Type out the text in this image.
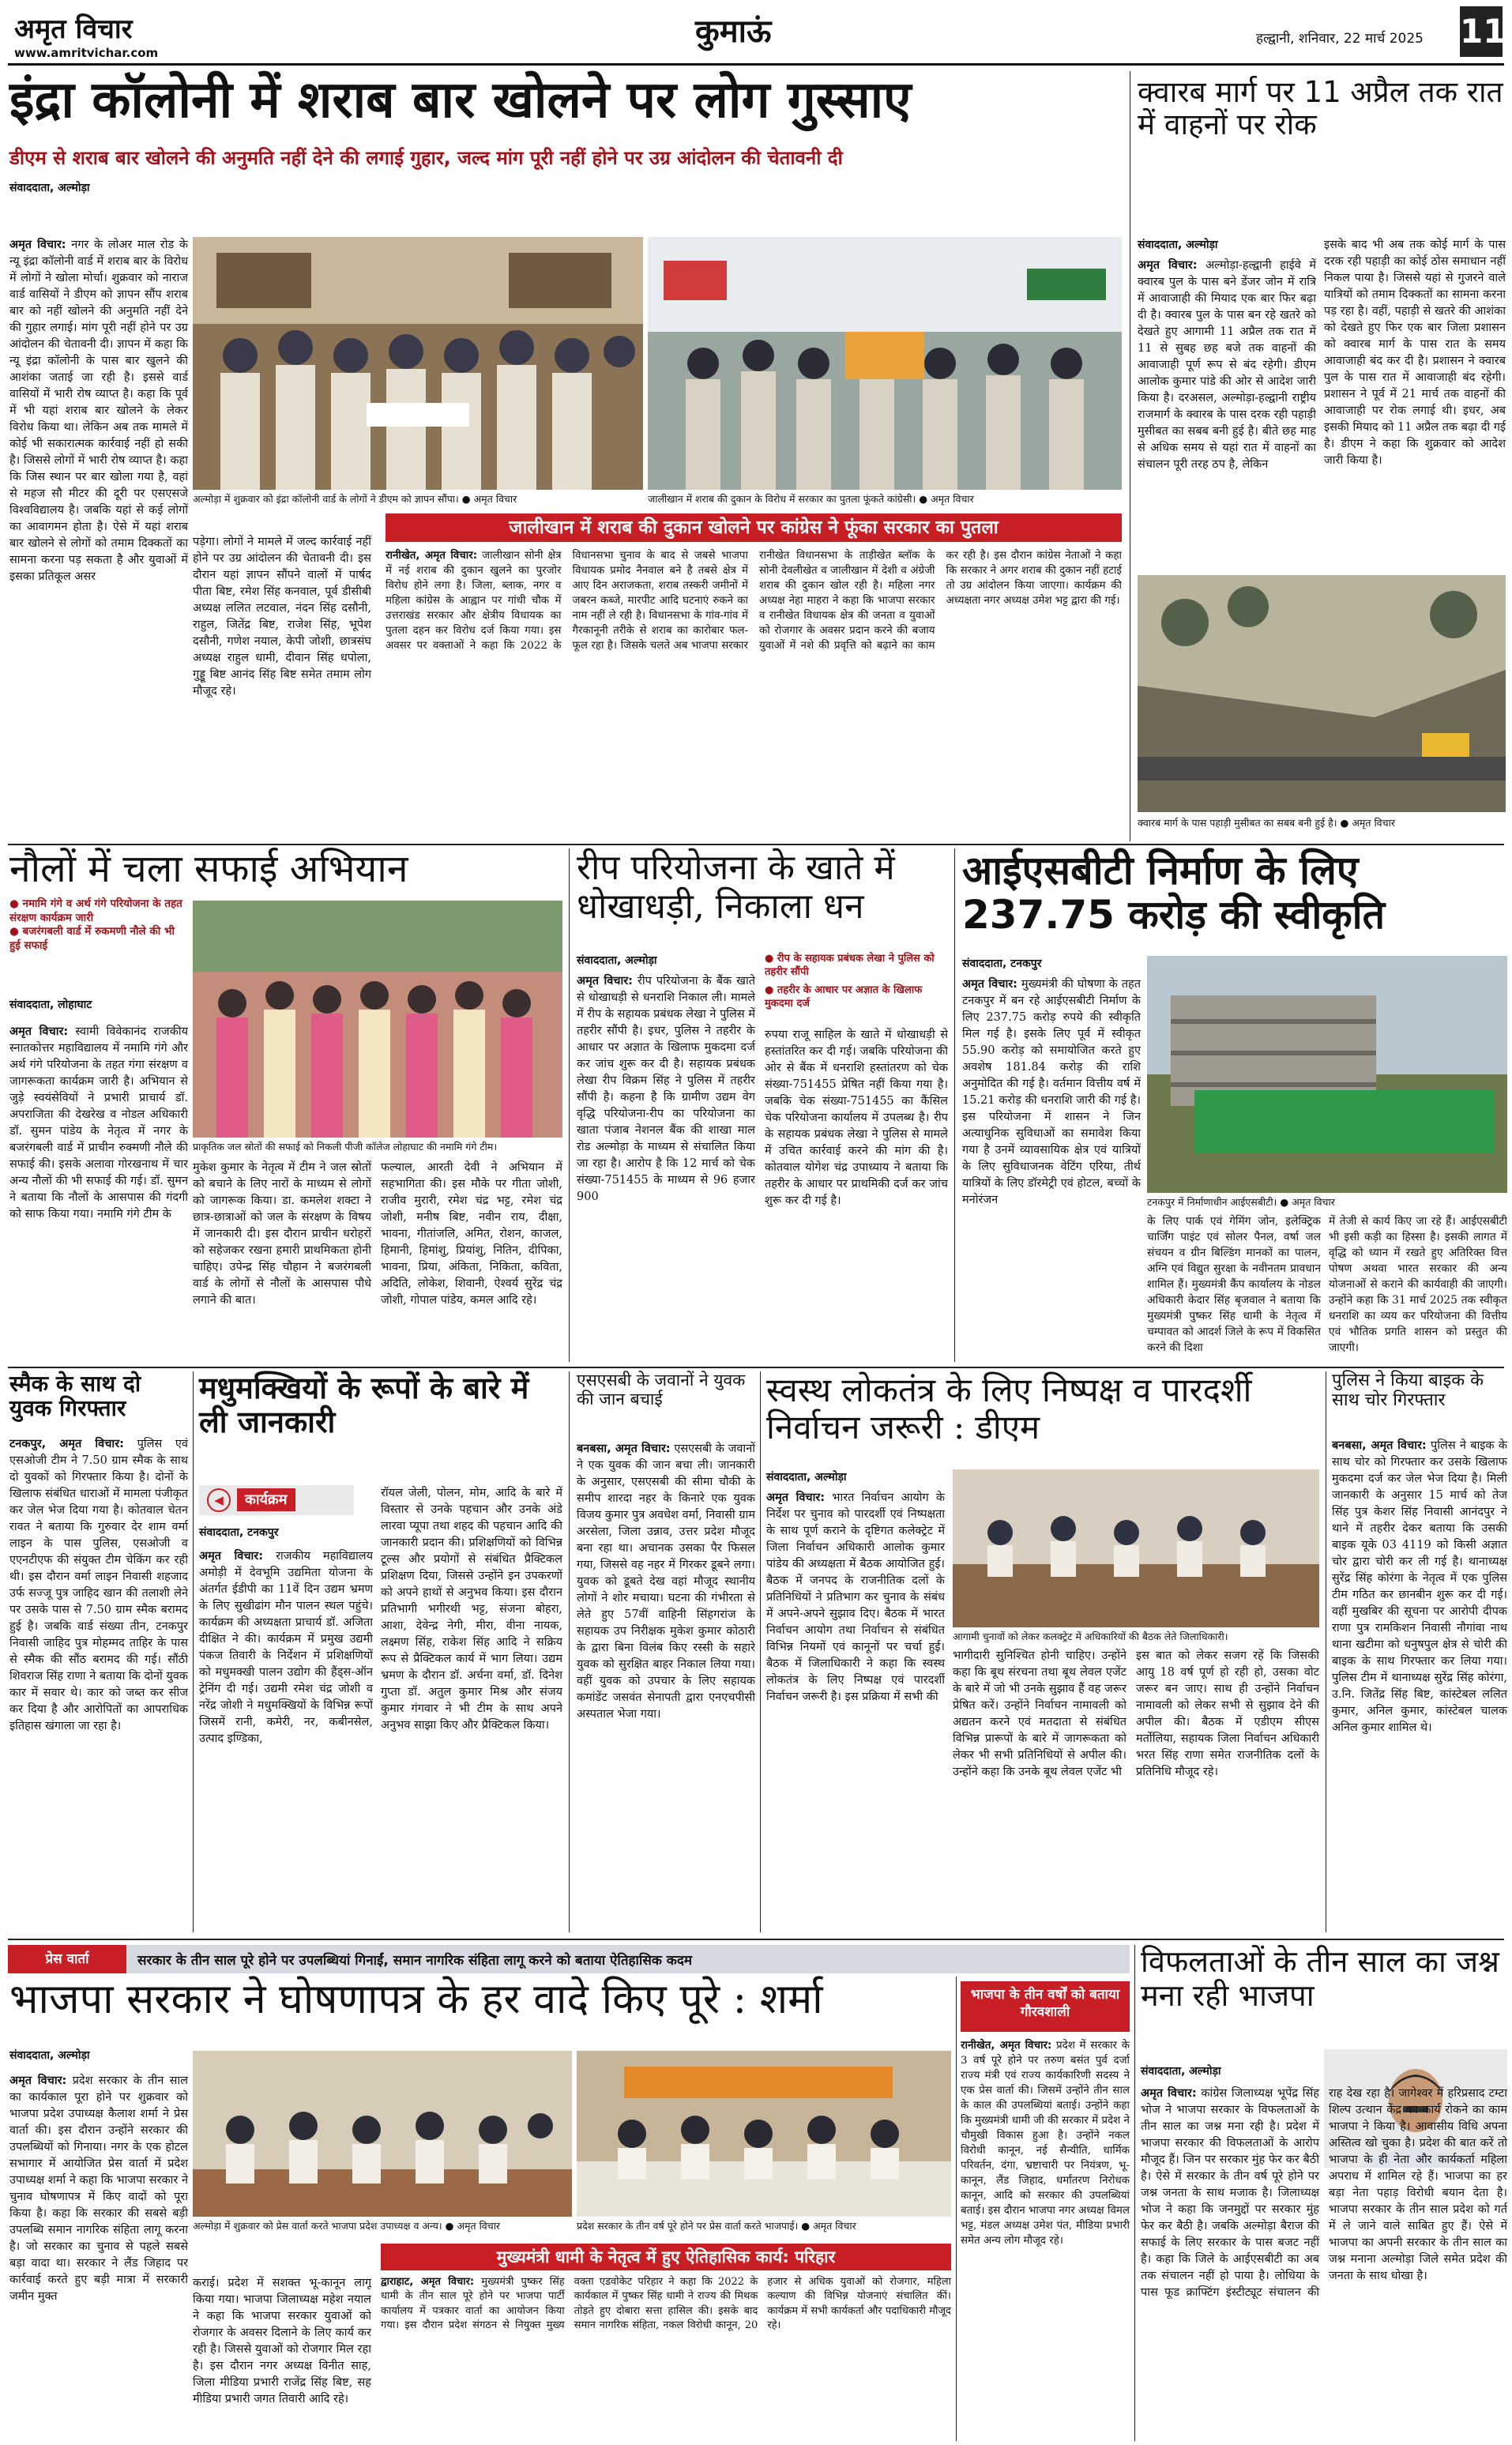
अमृत विचार
www.amritvichar.com
कुमाऊं	हल्द्वानी, शनिवार, 22 मार्च 2025 11
इंद्रा कॉलोनी में शराब बार खोलने पर लोग गुस्साए
डीएम से शराब बार खोलने की अनुमति नहीं देने की लगाई गुहार, जल्द मांग पूरी नहीं होने पर उग्र आंदोलन की चेतावनी दी
संवाददाता, अल्मोड़ा
अमृत विचार: नगर के लोअर माल रोड के न्यू इंद्रा कॉलोनी वार्ड में शराब बार के विरोध में लोगों ने खोला मोर्चा। शुक्रवार को नाराज वार्ड वासियों ने डीएम को ज्ञापन सौंप शराब बार को नहीं खोलने की अनुमति नहीं देने की गुहार लगाई। मांग पूरी नहीं होने पर उग्र आंदोलन की चेतावनी दी। ज्ञापन में कहा कि न्यू इंद्रा कॉलोनी के पास बार खुलने की आशंका जताई जा रही है। इससे वार्ड वासियों में भारी रोष व्याप्त है। कहा कि पूर्व में भी यहां शराब बार खोलने के लेकर विरोध किया था। लेकिन अब तक मामले में कोई भी सकारात्मक कार्रवाई नहीं हो सकी है। जिससे लोगों में भारी रोष व्याप्त है। कहा कि जिस स्थान पर बार खोला गया है, वहां से महज सौ मीटर की दूरी पर एसएसजे विश्वविद्यालय है। जबकि यहां से कई लोगों का आवागमन होता है। ऐसे में यहां शराब बार खोलने से लोगों को तमाम दिक्कतों का सामना करना पड़ सकता है और युवाओं में इसका प्रतिकूल असर
अल्मोड़ा में शुक्रवार को इंद्रा कॉलोनी वार्ड के लोगों ने डीएम को ज्ञापन सौंपा। ● अमृत विचार	जालीखान में शराब की दुकान के विरोध में सरकार का पुतला फूंकते कांग्रेसी। ● अमृत विचार
पड़ेगा। लोगों ने मामले में जल्द कार्रवाई नहीं होने पर उग्र आंदोलन की चेतावनी दी। इस दौरान यहां ज्ञापन सौंपने वालों में पार्षद पीता बिष्ट, रमेश सिंह कनवाल, पूर्व डीसीबी अध्यक्ष ललित लटवाल, नंदन सिंह दसौनी, राहुल, जितेंद्र बिष्ट, राजेश सिंह, भूपेश दसौनी, गणेश नयाल, केपी जोशी, छात्रसंघ अध्यक्ष राहुल धामी, दीवान सिंह धपोला, गुड्डू बिष्ट आनंद सिंह बिष्ट समेत तमाम लोग मौजूद रहे।
जालीखान में शराब की दुकान खोलने पर कांग्रेस ने फूंका सरकार का पुतला
रानीखेत, अमृत विचार: जालीखान सोनी क्षेत्र में नई शराब की दुकान खुलने का पुरजोर विरोध होने लगा है। जिला, ब्लाक, नगर व महिला कांग्रेस के आह्वान पर गांधी चौक में उत्तराखंड सरकार और क्षेत्रीय विधायक का पुतला दहन कर विरोध दर्ज किया गया। इस अवसर पर वक्ताओं ने कहा कि 2022 के विधानसभा चुनाव के बाद से जबसे भाजपा विधायक प्रमोद नैनवाल बने है तबसे क्षेत्र में आए दिन अराजकता, शराब तस्करी जमीनों में जबरन कब्जे, मारपीट आदि घटनाएं रुकने का नाम नहीं ले रही है। विधानसभा के गांव-गांव में गैरकानूनी तरीके से शराब का कारोबार फल-फूल रहा है। जिसके चलते अब भाजपा सरकार रानीखेत विधानसभा के ताड़ीखेत ब्लॉक के सोनी देवलीखेत व जालीखान में देशी व अंग्रेजी शराब की दुकान खोल रही है। महिला नगर अध्यक्ष नेहा माहरा ने कहा कि भाजपा सरकार व रानीखेत विधायक क्षेत्र की जनता व युवाओं को रोजगार के अवसर प्रदान करने की बजाय युवाओं में नशे की प्रवृत्ति को बढ़ाने का काम कर रही है। इस दौरान कांग्रेस नेताओं ने कहा कि सरकार ने अगर शराब की दुकान नहीं हटाई तो उग्र आंदोलन किया जाएगा। कार्यक्रम की अध्यक्षता नगर अध्यक्ष उमेश भट्ट द्वारा की गई।
क्वारब मार्ग पर 11 अप्रैल तक रात में वाहनों पर रोक
संवाददाता, अल्मोड़ा
अमृत विचार: अल्मोड़ा-हल्द्वानी हाईवे में क्वारब पुल के पास बने डेंजर जोन में रात्रि में आवाजाही की मियाद एक बार फिर बढ़ा दी है। क्वारब पुल के पास बन रहे खतरे को देखते हुए आगामी 11 अप्रैल तक रात में 11 से सुबह छह बजे तक वाहनों की आवाजाही पूर्ण रूप से बंद रहेगी। डीएम आलोक कुमार पांडे की ओर से आदेश जारी किया है। दरअसल, अल्मोड़ा-हल्द्वानी राष्ट्रीय राजमार्ग के क्वारब के पास दरक रही पहाड़ी मुसीबत का सबब बनी हुई है। बीते छह माह से अधिक समय से यहां रात में वाहनों का संचालन पूरी तरह ठप है, लेकिन
इसके बाद भी अब तक कोई मार्ग के पास दरक रही पहाड़ी का कोई ठोस समाधान नहीं निकल पाया है। जिससे यहां से गुजरने वाले यात्रियों को तमाम दिक्कतों का सामना करना पड़ रहा है। वहीं, पहाड़ी से खतरे की आशंका को देखते हुए फिर एक बार जिला प्रशासन को क्वारब मार्ग के पास रात के समय आवाजाही बंद कर दी है। प्रशासन ने क्वारब पुल के पास रात में आवाजाही बंद रहेगी। प्रशासन ने पूर्व में 21 मार्च तक वाहनों की आवाजाही पर रोक लगाई थी। इधर, अब इसकी मियाद को 11 अप्रैल तक बढ़ा दी गई है। डीएम ने कहा कि शुक्रवार को आदेश जारी किया है।
क्वारब मार्ग के पास पहाड़ी मुसीबत का सबब बनी हुई है। ● अमृत विचार
नौलों में चला सफाई अभियान
● नमामि गंगे व अर्थ गंगे परियोजना के तहत संरक्षण कार्यक्रम जारी
● बजरंगबली वार्ड में रुकमणी नौले की भी हुई सफाई
संवाददाता, लोहाघाट
अमृत विचार: स्वामी विवेकानंद राजकीय स्नातकोत्तर महाविद्यालय में नमामि गंगे और अर्थ गंगे परियोजना के तहत गंगा संरक्षण व जागरूकता कार्यक्रम जारी है। अभियान से जुड़े स्वयंसेवियों ने प्रभारी प्राचार्य डॉ. अपराजिता की देखरेख व नोडल अधिकारी डॉ. सुमन पांडेय के नेतृत्व में नगर के बजरंगबली वार्ड में प्राचीन रुक्मणी नौले की सफाई की। इसके अलावा गोरखनाथ में चार अन्य नौलों की भी सफाई की गई। डॉ. सुमन ने बताया कि नौलों के आसपास की गंदगी को साफ किया गया। नमामि गंगे टीम के
प्राकृतिक जल स्रोतों की सफाई को निकली पीजी कॉलेज लोहाघाट की नमामि गंगे टीम।
मुकेश कुमार के नेतृत्व में टीम ने जल स्रोतों को बचाने के लिए नारों के माध्यम से लोगों को जागरूक किया। डा. कमलेश शक्टा ने छात्र-छात्राओं को जल के संरक्षण के विषय में जानकारी दी। इस दौरान प्राचीन धरोहरों को सहेजकर रखना हमारी प्राथमिकता होनी चाहिए। उपेन्द्र सिंह चौहान ने बजरंगबली वार्ड के लोगों से नौलों के आसपास पौधे लगाने की बात।
फल्याल, आरती देवी ने अभियान में सहभागिता की। इस मौके पर गीता जोशी, राजीव मुरारी, रमेश चंद्र भट्ट, रमेश चंद्र जोशी, मनीष बिष्ट, नवीन राय, दीक्षा, भावना, गीतांजलि, अमित, रोशन, काजल, हिमानी, हिमांशु, प्रियांशु, नितिन, दीपिका, भावना, प्रिया, अंकिता, निकिता, कविता, अदिति, लोकेश, शिवानी, ऐश्वर्य सुरेंद्र चंद्र जोशी, गोपाल पांडेय, कमल आदि रहे।
रीप परियोजना के खाते में धोखाधड़ी, निकाला धन
संवाददाता, अल्मोड़ा	● रीप के सहायक प्रबंधक लेखा ने पुलिस को तहरीर सौंपी
● तहरीर के आधार पर अज्ञात के खिलाफ मुकदमा दर्ज
अमृत विचार: रीप परियोजना के बैंक खाते से धोखाधड़ी से धनराशि निकाल ली। मामले में रीप के सहायक प्रबंधक लेखा ने पुलिस में तहरीर सौंपी है। इधर, पुलिस ने तहरीर के आधार पर अज्ञात के खिलाफ मुकदमा दर्ज कर जांच शुरू कर दी है। सहायक प्रबंधक लेखा रीप विक्रम सिंह ने पुलिस में तहरीर सौंपी है। कहना है कि ग्रामीण उद्यम वेग वृद्धि परियोजना-रीप का परियोजना का खाता पंजाब नेशनल बैंक की शाखा माल रोड अल्मोड़ा के माध्यम से संचालित किया जा रहा है। आरोप है कि 12 मार्च को चेक संख्या-751455 के माध्यम से 96 हजार 900
रुपया राजू साहिल के खाते में धोखाधड़ी से हस्तांतरित कर दी गई। जबकि परियोजना की ओर से बैंक में धनराशि हस्तांतरण को चेक संख्या-751455 प्रेषित नहीं किया गया है। जबकि चेक संख्या-751455 का कैंसिल चेक परियोजना कार्यालय में उपलब्ध है। रीप के सहायक प्रबंधक लेखा ने पुलिस से मामले में उचित कार्रवाई करने की मांग की है। कोतवाल योगेश चंद्र उपाध्याय ने बताया कि तहरीर के आधार पर प्राथमिकी दर्ज कर जांच शुरू कर दी गई है।
आईएसबीटी निर्माण के लिए 237.75 करोड़ की स्वीकृति
संवाददाता, टनकपुर
अमृत विचार: मुख्यमंत्री की घोषणा के तहत टनकपुर में बन रहे आईएसबीटी निर्माण के लिए 237.75 करोड़ रुपये की स्वीकृति मिल गई है। इसके लिए पूर्व में स्वीकृत 55.90 करोड़ को समायोजित करते हुए अवशेष 181.84 करोड़ की राशि अनुमोदित की गई है। वर्तमान वित्तीय वर्ष में 15.21 करोड़ की धनराशि जारी की गई है। इस परियोजना में शासन ने जिन अत्याधुनिक सुविधाओं का समावेश किया गया है उनमें व्यावसायिक क्षेत्र एवं यात्रियों के लिए सुविधाजनक वेटिंग एरिया, तीर्थ यात्रियों के लिए डॉरमेट्री एवं होटल, बच्चों के मनोरंजन	टनकपुर में निर्माणाधीन आईएसबीटी। ● अमृत विचार
के लिए पार्क एवं गेमिंग जोन, इलेक्ट्रिक चार्जिंग पाइंट एवं सोलर पैनल, वर्षा जल संचयन व ग्रीन बिल्डिंग मानकों का पालन, अग्नि एवं विद्युत सुरक्षा के नवीनतम प्रावधान शामिल हैं। मुख्यमंत्री कैंप कार्यालय के नोडल अधिकारी केदार सिंह बृजवाल ने बताया कि मुख्यमंत्री पुष्कर सिंह धामी के नेतृत्व में चम्पावत को आदर्श जिले के रूप में विकसित करने की दिशा
में तेजी से कार्य किए जा रहे हैं। आईएसबीटी भी इसी कड़ी का हिस्सा है। इसकी लागत में वृद्धि को ध्यान में रखते हुए अतिरिक्त वित्त पोषण अथवा भारत सरकार की अन्य योजनाओं से कराने की कार्यवाही की जाएगी। उन्होंने कहा कि 31 मार्च 2025 तक स्वीकृत धनराशि का व्यय कर परियोजना की वित्तीय एवं भौतिक प्रगति शासन को प्रस्तुत की जाएगी।
स्मैक के साथ दो युवक गिरफ्तार
टनकपुर, अमृत विचार: पुलिस एवं एसओजी टीम ने 7.50 ग्राम स्मैक के साथ दो युवकों को गिरफ्तार किया है। दोनों के खिलाफ संबंधित धाराओं में मामला पंजीकृत कर जेल भेज दिया गया है। कोतवाल चेतन रावत ने बताया कि गुरुवार देर शाम वर्मा लाइन के पास पुलिस, एसओजी व एएनटीएफ की संयुक्त टीम चेकिंग कर रही थी। इस दौरान वर्मा लाइन निवासी शहजाद उर्फ सज्जू पुत्र जाहिद खान की तलाशी लेने पर उसके पास से 7.50 ग्राम स्मैक बरामद हुई है। जबकि वार्ड संख्या तीन, टनकपुर निवासी जाहिद पुत्र मोहम्मद ताहिर के पास से स्मैक की सौंठ बरामद की गई। सौंठी शिवराज सिंह राणा ने बताया कि दोनों युवक कार में सवार थे। कार को जब्त कर सीज कर दिया है और आरोपितों का आपराधिक इतिहास खंगाला जा रहा है।
मधुमक्खियों के रूपों के बारे में ली जानकारी
◀	कार्यक्रम
संवाददाता, टनकपुर
अमृत विचार: राजकीय महाविद्यालय अमोड़ी में देवभूमि उद्यमिता योजना के अंतर्गत ईडीपी का 11वें दिन उद्यम भ्रमण के लिए सुखीढांग मौन पालन स्थल पहुंचे। कार्यक्रम की अध्यक्षता प्राचार्य डॉ. अजिता दीक्षित ने की। कार्यक्रम में प्रमुख उद्यमी पंकज तिवारी के निर्देशन में प्रशिक्षणियों को मधुमक्खी पालन उद्योग की हैंड्स-ऑन ट्रेनिंग दी गई। उद्यमी रमेश चंद्र जोशी व नरेंद्र जोशी ने मधुमक्खियों के विभिन्न रूपों जिसमें रानी, कमेरी, नर, कबीनसेल, उत्पाद इण्डिका,
रॉयल जेली, पोलन, मोम, आदि के बारे में विस्तार से उनके पहचान और उनके अंडे लारवा प्यूपा तथा शहद की पहचान आदि की जानकारी प्रदान की। प्रशिक्षणियों को विभिन्न टूल्स और प्रयोगों से संबंधित प्रैक्टिकल प्रशिक्षण दिया, जिससे उन्होंने इन उपकरणों को अपने हाथों से अनुभव किया। इस दौरान प्रतिभागी भगीरथी भट्ट, संजना बोहरा, आशा, देवेन्द्र नेगी, मीरा, वीना नायक, लक्ष्मण सिंह, राकेश सिंह आदि ने सक्रिय रूप से प्रैक्टिकल कार्य में भाग लिया। उद्यम भ्रमण के दौरान डॉ. अर्चना वर्मा, डॉ. दिनेश गुप्ता डॉ. अतुल कुमार मिश्र और संजय कुमार गंगवार ने भी टीम के साथ अपने अनुभव साझा किए और प्रैक्टिकल किया।
एसएसबी के जवानों ने युवक की जान बचाई
बनबसा, अमृत विचार: एसएसबी के जवानों ने एक युवक की जान बचा ली। जानकारी के अनुसार, एसएसबी की सीमा चौकी के समीप शारदा नहर के किनारे एक युवक विजय कुमार पुत्र अवधेश वर्मा, निवासी ग्राम अरसेला, जिला उन्नाव, उत्तर प्रदेश मौजूद बना रहा था। अचानक उसका पैर फिसल गया, जिससे वह नहर में गिरकर डूबने लगा। युवक को डूबते देख वहां मौजूद स्थानीय लोगों ने शोर मचाया। घटना की गंभीरता से लेते हुए 57वीं वाहिनी सिंहगरांज के सहायक उप निरीक्षक मुकेश कुमार कोठारी के द्वारा बिना विलंब किए रस्सी के सहारे युवक को सुरक्षित बाहर निकाल लिया गया। वहीं युवक को उपचार के लिए सहायक कमांडेंट जसवंत सेनापती द्वारा एनएचपीसी अस्पताल भेजा गया।
स्वस्थ लोकतंत्र के लिए निष्पक्ष व पारदर्शी निर्वाचन जरूरी : डीएम
संवाददाता, अल्मोड़ा
अमृत विचार: भारत निर्वाचन आयोग के निर्देश पर चुनाव को पारदर्शी एवं निष्पक्षता के साथ पूर्ण कराने के दृष्टिगत कलेक्ट्रेट में जिला निर्वाचन अधिकारी आलोक कुमार पांडेय की अध्यक्षता में बैठक आयोजित हुई। बैठक में जनपद के राजनीतिक दलों के प्रतिनिधियों ने प्रतिभाग कर चुनाव के संबंध में अपने-अपने सुझाव दिए। बैठक में भारत निर्वाचन आयोग तथा निर्वाचन से संबंधित विभिन्न नियमों एवं कानूनों पर चर्चा हुई। बैठक में जिलाधिकारी ने कहा कि स्वस्थ लोकतंत्र के लिए निष्पक्ष एवं पारदर्शी निर्वाचन जरूरी है। इस प्रक्रिया में सभी की
आगामी चुनावों को लेकर कलक्ट्रेट में अधिकारियों की बैठक लेते जिलाधिकारी।
भागीदारी सुनिश्चित होनी चाहिए। उन्होंने कहा कि बूथ संरचना तथा बूथ लेवल एजेंट के बारे में जो भी उनके सुझाव हैं वह जरूर प्रेषित करें। उन्होंने निर्वाचन नामावली को अद्यतन करने एवं मतदाता से संबंधित विभिन्न प्रारूपों के बारे में जागरूकता को लेकर भी सभी प्रतिनिधियों से अपील की। उन्होंने कहा कि उनके बूथ लेवल एजेंट भी
इस बात को लेकर सजग रहें कि जिसकी आयु 18 वर्ष पूर्ण हो रही हो, उसका वोट जरूर बन जाए। साथ ही उन्होंने निर्वाचन नामावली को लेकर सभी से सुझाव देने की अपील की। बैठक में एडीएम सीएस मर्तोलिया, सहायक जिला निर्वाचन अधिकारी भरत सिंह राणा समेत राजनीतिक दलों के प्रतिनिधि मौजूद रहे।
पुलिस ने किया बाइक के साथ चोर गिरफ्तार
बनबसा, अमृत विचार: पुलिस ने बाइक के साथ चोर को गिरफ्तार कर उसके खिलाफ मुकदमा दर्ज कर जेल भेज दिया है। मिली जानकारी के अनुसार 15 मार्च को तेज सिंह पुत्र केशर सिंह निवासी आनंदपुर ने थाने में तहरीर देकर बताया कि उसकी बाइक यूके 03 4119 को किसी अज्ञात चोर द्वारा चोरी कर ली गई है। थानाध्यक्ष सुरेंद्र सिंह कोरंगा के नेतृत्व में एक पुलिस टीम गठित कर छानबीन शुरू कर दी गई। वहीं मुखबिर की सूचना पर आरोपी दीपक राणा पुत्र रामकिशन निवासी नौगांवा नाथ थाना खटीमा को धनुषपुल क्षेत्र से चोरी की बाइक के साथ गिरफ्तार कर लिया गया। पुलिस टीम में थानाध्यक्ष सुरेंद्र सिंह कोरंगा, उ.नि. जितेंद्र सिंह बिष्ट, कांस्टेबल ललित कुमार, अनिल कुमार, कांस्टेबल चालक अनिल कुमार शामिल थे।
प्रेस वार्ता	सरकार के तीन साल पूरे होने पर उपलब्धियां गिनाईं, समान नागरिक संहिता लागू करने को बताया ऐतिहासिक कदम
भाजपा सरकार ने घोषणापत्र के हर वादे किए पूरे : शर्मा
संवाददाता, अल्मोड़ा
अमृत विचार: प्रदेश सरकार के तीन साल का कार्यकाल पूरा होने पर शुक्रवार को भाजपा प्रदेश उपाध्यक्ष कैलाश शर्मा ने प्रेस वार्ता की। इस दौरान उन्होंने सरकार की उपलब्धियों को गिनाया। नगर के एक होटल सभागार में आयोजित प्रेस वार्ता में प्रदेश उपाध्यक्ष शर्मा ने कहा कि भाजपा सरकार ने चुनाव घोषणापत्र में किए वादों को पूरा किया है। कहा कि सरकार की सबसे बड़ी उपलब्धि समान नागरिक संहिता लागू करना है। जो सरकार का चुनाव से पहले सबसे बड़ा वादा था। सरकार ने लैंड जिहाद पर कार्रवाई करते हुए बड़ी मात्रा में सरकारी जमीन मुक्त
अल्मोड़ा में शुक्रवार को प्रेस वार्ता करते भाजपा प्रदेश उपाध्यक्ष व अन्य। ● अमृत विचार	प्रदेश सरकार के तीन वर्ष पूरे होने पर प्रेस वार्ता करते भाजपाई। ● अमृत विचार
कराई। प्रदेश में सशक्त भू-कानून लागू किया गया। भाजपा जिलाध्यक्ष महेश नयाल ने कहा कि भाजपा सरकार युवाओं को रोजगार के अवसर दिलाने के लिए कार्य कर रही है। जिससे युवाओं को रोजगार मिल रहा है। इस दौरान नगर अध्यक्ष विनीत साह, जिला मीडिया प्रभारी राजेंद्र सिंह बिष्ट, सह मीडिया प्रभारी जगत तिवारी आदि रहे।
मुख्यमंत्री धामी के नेतृत्व में हुए ऐतिहासिक कार्य: परिहार
द्वाराहाट, अमृत विचार: मुख्यमंत्री पुष्कर सिंह धामी के तीन साल पूरे होने पर भाजपा पार्टी कार्यालय में पत्रकार वार्ता का आयोजन किया गया। इस दौरान प्रदेश संगठन से नियुक्त मुख्य वक्ता एडवोकेट परिहार ने कहा कि 2022 के कार्यकाल में पुष्कर सिंह धामी ने राज्य की मिथक तोड़ते हुए दोबारा सत्ता हासिल की। इसके बाद समान नागरिक संहिता, नकल विरोधी कानून, 20 हजार से अधिक युवाओं को रोजगार, महिला कल्याण की विभिन्न योजनाएं संचालित कीं। कार्यक्रम में सभी कार्यकर्ता और पदाधिकारी मौजूद रहे।
भाजपा के तीन वर्षों को बताया गौरवशाली
रानीखेत, अमृत विचार: प्रदेश में सरकार के 3 वर्ष पूरे होने पर तरुण बसंत पुर्व दर्जा राज्य मंत्री एवं राज्य कार्यकारिणी सदस्य ने एक प्रेस वार्ता की। जिसमें उन्होंने तीन साल के काल की उपलब्धियां बताई। उन्होंने कहा कि मुख्यमंत्री धामी जी की सरकार में प्रदेश ने चौमुखी विकास हुआ है। उन्होंने नकल विरोधी कानून, नई सैन्यीति, धार्मिक परिवर्तन, दंगा, भ्रष्टाचारी पर नियंत्रण, भू-कानून, लैंड जिहाद, धर्मांतरण निरोधक कानून, आदि को सरकार की उपलब्धियां बताई। इस दौरान भाजपा नगर अध्यक्ष विमल भट्ट, मंडल अध्यक्ष उमेश पंत, मीडिया प्रभारी समेत अन्य लोग मौजूद रहे।
विफलताओं के तीन साल का जश्न मना रही भाजपा
संवाददाता, अल्मोड़ा
अमृत विचार: कांग्रेस जिलाध्यक्ष भूपेंद्र सिंह भोज ने भाजपा सरकार के विफलताओं के तीन साल का जश्न मना रही है। प्रदेश में भाजपा सरकार की विफलताओं के आरोप मौजूद हैं। जिन पर सरकार मुंह फेर कर बैठी है। ऐसे में सरकार के तीन वर्ष पूरे होने पर जश्न जनता के साथ मजाक है। जिलाध्यक्ष भोज ने कहा कि जनमुद्दों पर सरकार मुंह फेर कर बैठी है। जबकि अल्मोड़ा बैराज की सफाई के लिए सरकार के पास बजट नहीं है। कहा कि जिले के आईएसबीटी का अब तक संचालन नहीं हो पाया है। लोधिया के पास फूड क्राफ्टिंग इंस्टीट्यूट संचालन की राह देख रहा है। जागेश्वर में हरिप्रसाद टम्टा शिल्प उत्थान केंद्र का कार्य रोकने का काम भाजपा ने किया है। आवासीय विधि अपना अस्तित्व खो चुका है। प्रदेश की बात करें तो भाजपा के ही नेता और कार्यकर्ता महिला अपराध में शामिल रहे हैं। भाजपा का हर बड़ा नेता पहाड़ विरोधी बयान देता है। भाजपा सरकार के तीन साल प्रदेश को गर्त में ले जाने वाले साबित हुए हैं। ऐसे में भाजपा का अपनी सरकार के तीन साल का जश्न मनाना अल्मोड़ा जिले समेत प्रदेश की जनता के साथ धोखा है।
